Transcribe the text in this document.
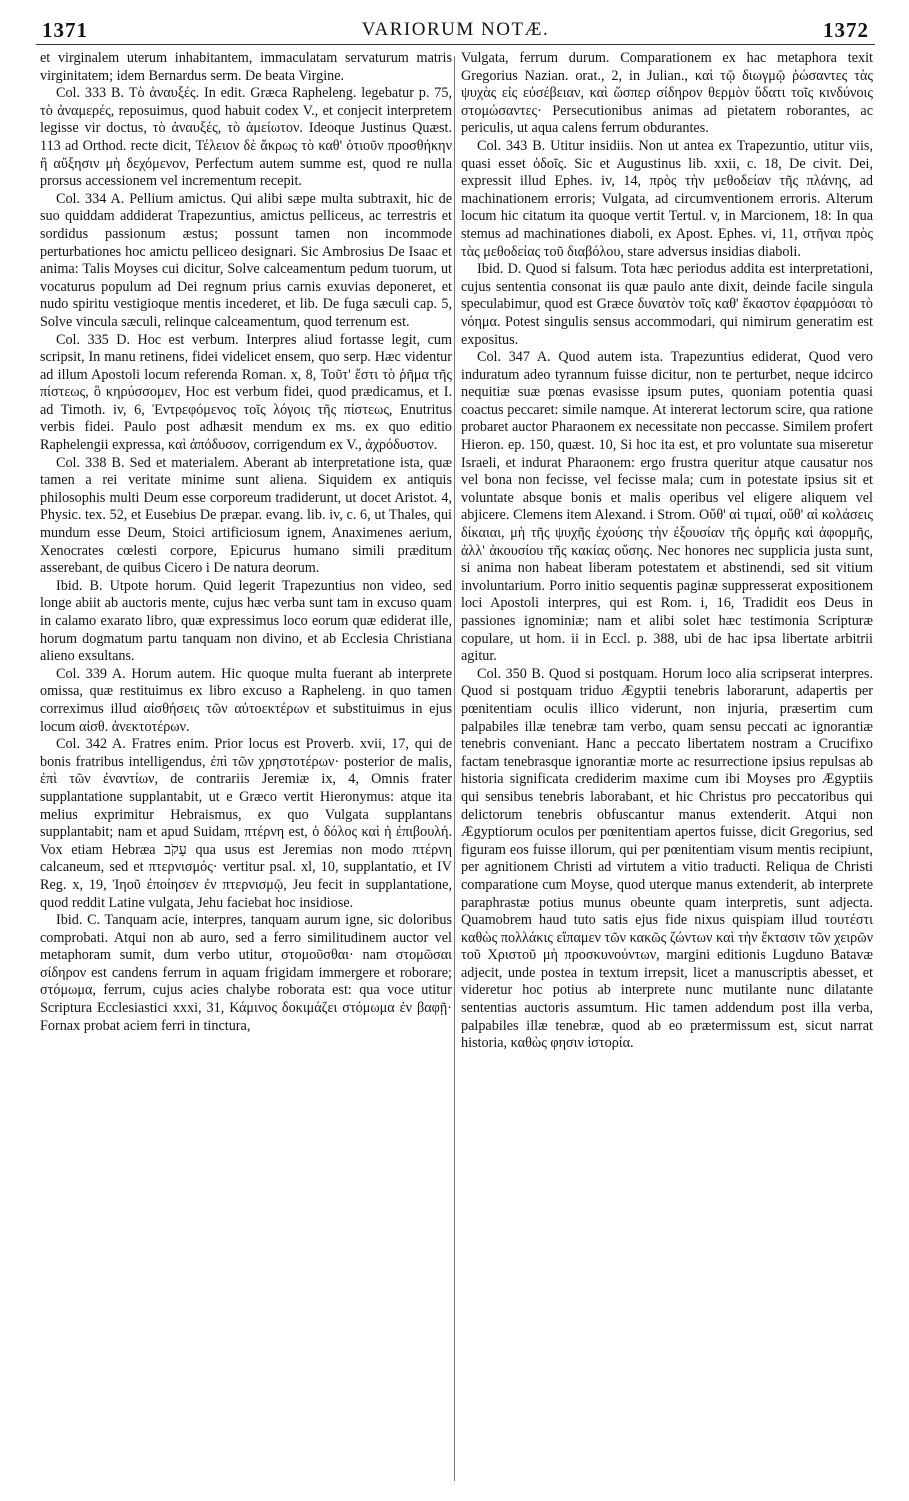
1371	VARIORUM NOTÆ.	1372

et virginalem uterum inhabitantem, immaculatam servaturum matris virginitatem; idem Bernardus serm. De beata Virgine.

Col. 333 B. Τὸ ἀναυξές. In edit. Græca Rapheleng. legebatur p. 75, τὸ ἀναμερές, reposuimus, quod habuit codex V., et conjecit interpretem legisse vir doctus, τὸ ἀναυξές, τὸ ἀμείωτον. Ideoque Justinus Quæst. 113 ad Orthod. recte dicit, Τέλειον δὲ ἄκρως τὸ καθ' ὁτιοῦν προσθήκην ἢ αὔξησιν μὴ δεχόμενον, Perfectum autem summe est, quod re nulla prorsus accessionem vel incrementum recepit.

Col. 334 A. Pellium amictus. Qui alibi sæpe multa subtraxit, hic de suo quiddam addiderat Trapezuntius, amictus pelliceus, ac terrestris et sordidus passionum æstus; possunt tamen non incommode perturbationes hoc amictu pelliceo designari. Sic Ambrosius De Isaac et anima: Talis Moyses cui dicitur, Solve calceamentum pedum tuorum, ut vocaturus populum ad Dei regnum prius carnis exuvias deponeret, et nudo spiritu vestigioque mentis incederet, et lib. De fuga sæculi cap. 5, Solve vincula sæculi, relinque calceamentum, quod terrenum est.

Col. 335 D. Hoc est verbum. Interpres aliud fortasse legit, cum scripsit, In manu retinens, fidei videlicet ensem, quo serp. Hæc videntur ad illum Apostoli locum referenda Roman. x, 8, Τοῦτ' ἔστι τὸ ῥῆμα τῆς πίστεως, ὃ κηρύσσομεν, Hoc est verbum fidei, quod prædicamus, et I. ad Timoth. iv, 6, Ἐντρεφόμενος τοῖς λόγοις τῆς πίστεως, Enutritus verbis fidei. Paulo post adhæsit mendum ex ms. ex quo editio Raphelengii expressa, καὶ ἀπόδυσον, corrigendum ex V., ἀχρόδυστον.

Col. 338 B. Sed et materialem. Aberant ab interpretatione ista, quæ tamen a rei veritate minime sunt aliena. Siquidem ex antiquis philosophis multi Deum esse corporeum tradiderunt, ut docet Aristot. 4, Physic. tex. 52, et Eusebius De præpar. evang. lib. iv, c. 6, ut Thales, qui mundum esse Deum, Stoici artificiosum ignem, Anaximenes aerium, Xenocrates cœlesti corpore, Epicurus humano simili præditum asserebant, de quibus Cicero i De natura deorum.

Ibid. B. Utpote horum. Quid legerit Trapezuntius non video, sed longe abiit ab auctoris mente, cujus hæc verba sunt tam in excuso quam in calamo exarato libro, quæ expressimus loco eorum quæ ediderat ille, horum dogmatum partu tanquam non divino, et ab Ecclesia Christiana alieno exsultans.

Col. 339 A. Horum autem. Hic quoque multa fuerant ab interprete omissa, quæ restituimus ex libro excuso a Rapheleng. in quo tamen correximus illud αἰσθήσεις τῶν αὐτοεκτέρων et substituimus in ejus locum αἰσθ. ἀνεκτοτέρων.

Col. 342 A. Fratres enim. Prior locus est Proverb. xvii, 17, qui de bonis fratribus intelligendus, ἐπὶ τῶν χρηστοτέρων· posterior de malis, ἐπὶ τῶν ἐναντίων, de contrariis Jeremiæ ix, 4, Omnis frater supplantatione supplantabit, ut e Græco vertit Hieronymus: atque ita melius exprimitur Hebraismus, ex quo Vulgata supplantans supplantabit; nam et apud Suidam, πτέρνη est, ὁ δόλος καὶ ἡ ἐπιβουλή. Vox etiam Hebræa עָקֹב qua usus est Jeremias non modo πτέρνη calcaneum, sed et πτερνισμός· vertitur psal. xl, 10, supplantatio, et IV Reg. x, 19, Ἰηοῦ ἐποίησεν ἐν πτερνισμῷ, Jeu fecit in supplantatione, quod reddit Latine vulgata, Jehu faciebat hoc insidiose.

Ibid. C. Tanquam acie, interpres, tanquam aurum igne, sic doloribus comprobati. Atqui non ab auro, sed a ferro similitudinem auctor vel metaphoram sumit, dum verbo utitur, στομοῦσθαι· nam στομῶσαι σίδηρον est candens ferrum in aquam frigidam immergere et roborare; στόμωμα, ferrum, cujus acies chalybe roborata est: qua voce utitur Scriptura Ecclesiastici xxxi, 31, Κάμινος δοκιμάζει στόμωμα ἐν βαφῇ· Fornax probat aciem ferri in tinctura,

Vulgata, ferrum durum. Comparationem ex hac metaphora texit Gregorius Nazian. orat., 2, in Julian., καὶ τῷ διωγμῷ ῥώσαντες τὰς ψυχὰς εἰς εὐσέβειαν, καὶ ὥσπερ σίδηρον θερμὸν ὕδατι τοῖς κινδύνοις στομώσαντες· Persecutionibus animas ad pietatem roborantes, ac periculis, ut aqua calens ferrum obdurantes.

Col. 343 B. Utitur insidiis. Non ut antea ex Trapezuntio, utitur viis, quasi esset ὁδοῖς. Sic et Augustinus lib. xxii, c. 18, De civit. Dei, expressit illud Ephes. iv, 14, πρὸς τὴν μεθοδείαν τῆς πλάνης, ad machinationem erroris; Vulgata, ad circumventionem erroris. Alterum locum hic citatum ita quoque vertit Tertul. v, in Marcionem, 18: In qua stemus ad machinationes diaboli, ex Apost. Ephes. vi, 11, στῆναι πρὸς τὰς μεθοδείας τοῦ διαβόλου, stare adversus insidias diaboli.

Ibid. D. Quod si falsum. Tota hæc periodus addita est interpretationi, cujus sententia consonat iis quæ paulo ante dixit, deinde facile singula speculabimur, quod est Græce δυνατὸν τοῖς καθ' ἕκαστον ἐφαρμόσαι τὸ νόημα. Potest singulis sensus accommodari, qui nimirum generatim est expositus.

Col. 347 A. Quod autem ista. Trapezuntius ediderat, Quod vero induratum adeo tyrannum fuisse dicitur, non te perturbet, neque idcirco nequitiæ suæ pœnas evasisse ipsum putes, quoniam potentia quasi coactus peccaret: simile namque. At intererat lectorum scire, qua ratione probaret auctor Pharaonem ex necessitate non peccasse. Similem profert Hieron. ep. 150, quæst. 10, Si hoc ita est, et pro voluntate sua miseretur Israeli, et indurat Pharaonem: ergo frustra queritur atque causatur nos vel bona non fecisse, vel fecisse mala; cum in potestate ipsius sit et voluntate absque bonis et malis operibus vel eligere aliquem vel abjicere. Clemens item Alexand. i Strom. Οὔθ' αἱ τιμαί, οὔθ' αἱ κολάσεις δίκαιαι, μὴ τῆς ψυχῆς ἐχούσης τὴν ἐξουσίαν τῆς ὁρμῆς καὶ ἀφορμῆς, ἀλλ' ἀκουσίου τῆς κακίας οὔσης. Nec honores nec supplicia justa sunt, si anima non habeat liberam potestatem et abstinendi, sed sit vitium involuntarium. Porro initio sequentis paginæ suppresserat expositionem loci Apostoli interpres, qui est Rom. i, 16, Tradidit eos Deus in passiones ignominiæ; nam et alibi solet hæc testimonia Scripturæ copulare, ut hom. ii in Eccl. p. 388, ubi de hac ipsa libertate arbitrii agitur.

Col. 350 B. Quod si postquam. Horum loco alia scripserat interpres. Quod si postquam triduo Ægyptii tenebris laborarunt, adapertis per pœnitentiam oculis illico viderunt, non injuria, præsertim cum palpabiles illæ tenebræ tam verbo, quam sensu peccati ac ignorantiæ tenebris conveniant. Hanc a peccato libertatem nostram a Crucifixo factam tenebrasque ignorantiæ morte ac resurrectione ipsius repulsas ab historia significata crediderim maxime cum ibi Moyses pro Ægyptiis qui sensibus tenebris laborabant, et hic Christus pro peccatoribus qui delictorum tenebris obfuscantur manus extenderit. Atqui non Ægyptiorum oculos per pœnitentiam apertos fuisse, dicit Gregorius, sed figuram eos fuisse illorum, qui per pœnitentiam visum mentis recipiunt, per agnitionem Christi ad virtutem a vitio traducti. Reliqua de Christi comparatione cum Moyse, quod uterque manus extenderit, ab interprete paraphrastæ potius munus obeunte quam interpretis, sunt adjecta. Quamobrem haud tuto satis ejus fide nixus quispiam illud τουτέστι καθὼς πολλάκις εἴπαμεν τῶν κακῶς ζώντων καὶ τὴν ἔκτασιν τῶν χειρῶν τοῦ Χριστοῦ μὴ προσκυνούντων, margini editionis Lugduno Batavæ adjecit, unde postea in textum irrepsit, licet a manuscriptis abesset, et videretur hoc potius ab interprete nunc mutilante nunc dilatante sententias auctoris assumtum. Hic tamen addendum post illa verba, palpabiles illæ tenebræ, quod ab eo prætermissum est, sicut narrat historia, καθὼς φησιν ἱστορία.
